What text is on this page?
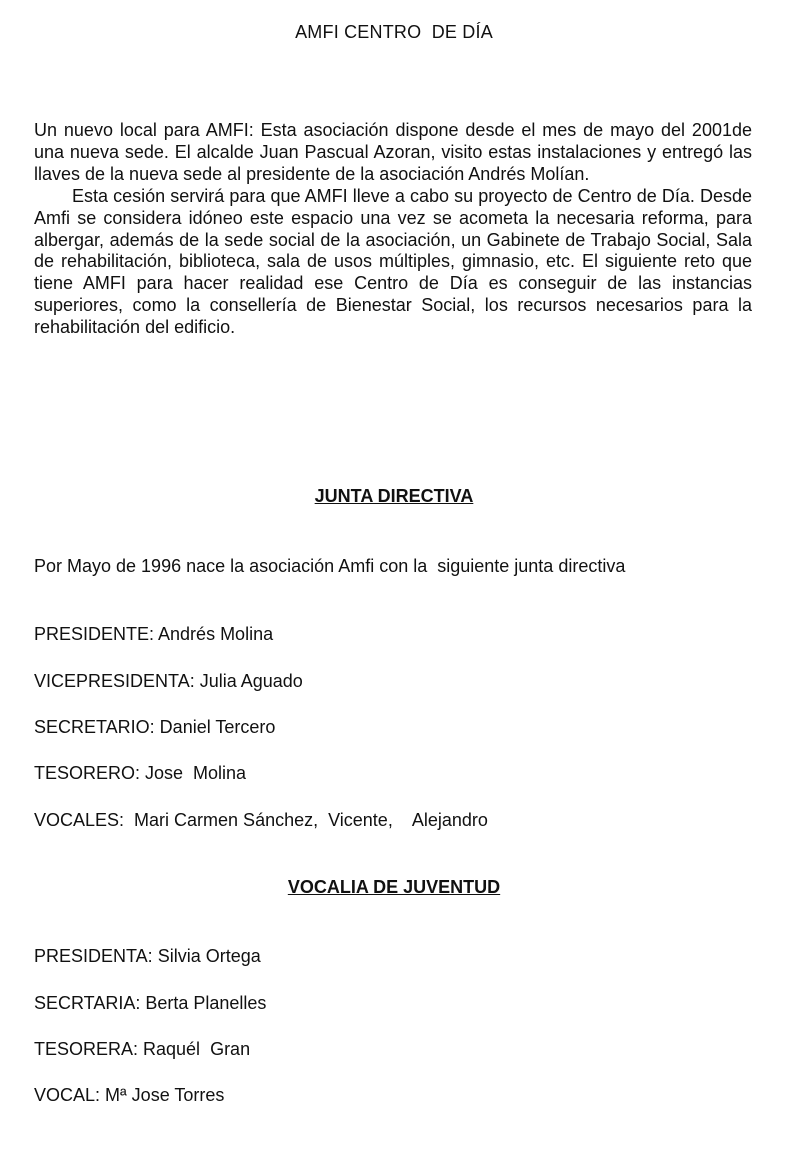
AMFI CENTRO  DE DÍA

Un nuevo local para AMFI: Esta asociación dispone desde el mes de mayo del 2001de una nueva sede. El alcalde Juan Pascual Azoran, visito estas instalaciones y entregó las llaves de la nueva sede al presidente de la asociación Andrés Molían.

Esta cesión servirá para que AMFI lleve a cabo su proyecto de Centro de Día. Desde Amfi se considera idóneo este espacio una vez se acometa la necesaria reforma, para albergar, además de la sede social de la asociación, un Gabinete de Trabajo Social, Sala de rehabilitación, biblioteca, sala de usos múltiples, gimnasio, etc. El siguiente reto que tiene AMFI para hacer realidad ese Centro de Día es conseguir de las instancias superiores, como la consellería de Bienestar Social, los recursos necesarios para la rehabilitación del edificio.

JUNTA DIRECTIVA
Por Mayo de 1996 nace la asociación Amfi con la  siguiente junta directiva
PRESIDENTE: Andrés Molina
VICEPRESIDENTA: Julia Aguado
SECRETARIO: Daniel Tercero
TESORERO: Jose  Molina
VOCALES:  Mari Carmen Sánchez,  Vicente,    Alejandro
VOCALIA DE JUVENTUD
PRESIDENTA: Silvia Ortega
SECRTARIA: Berta Planelles
TESORERA: Raquél  Gran
VOCAL: Mª Jose Torres
